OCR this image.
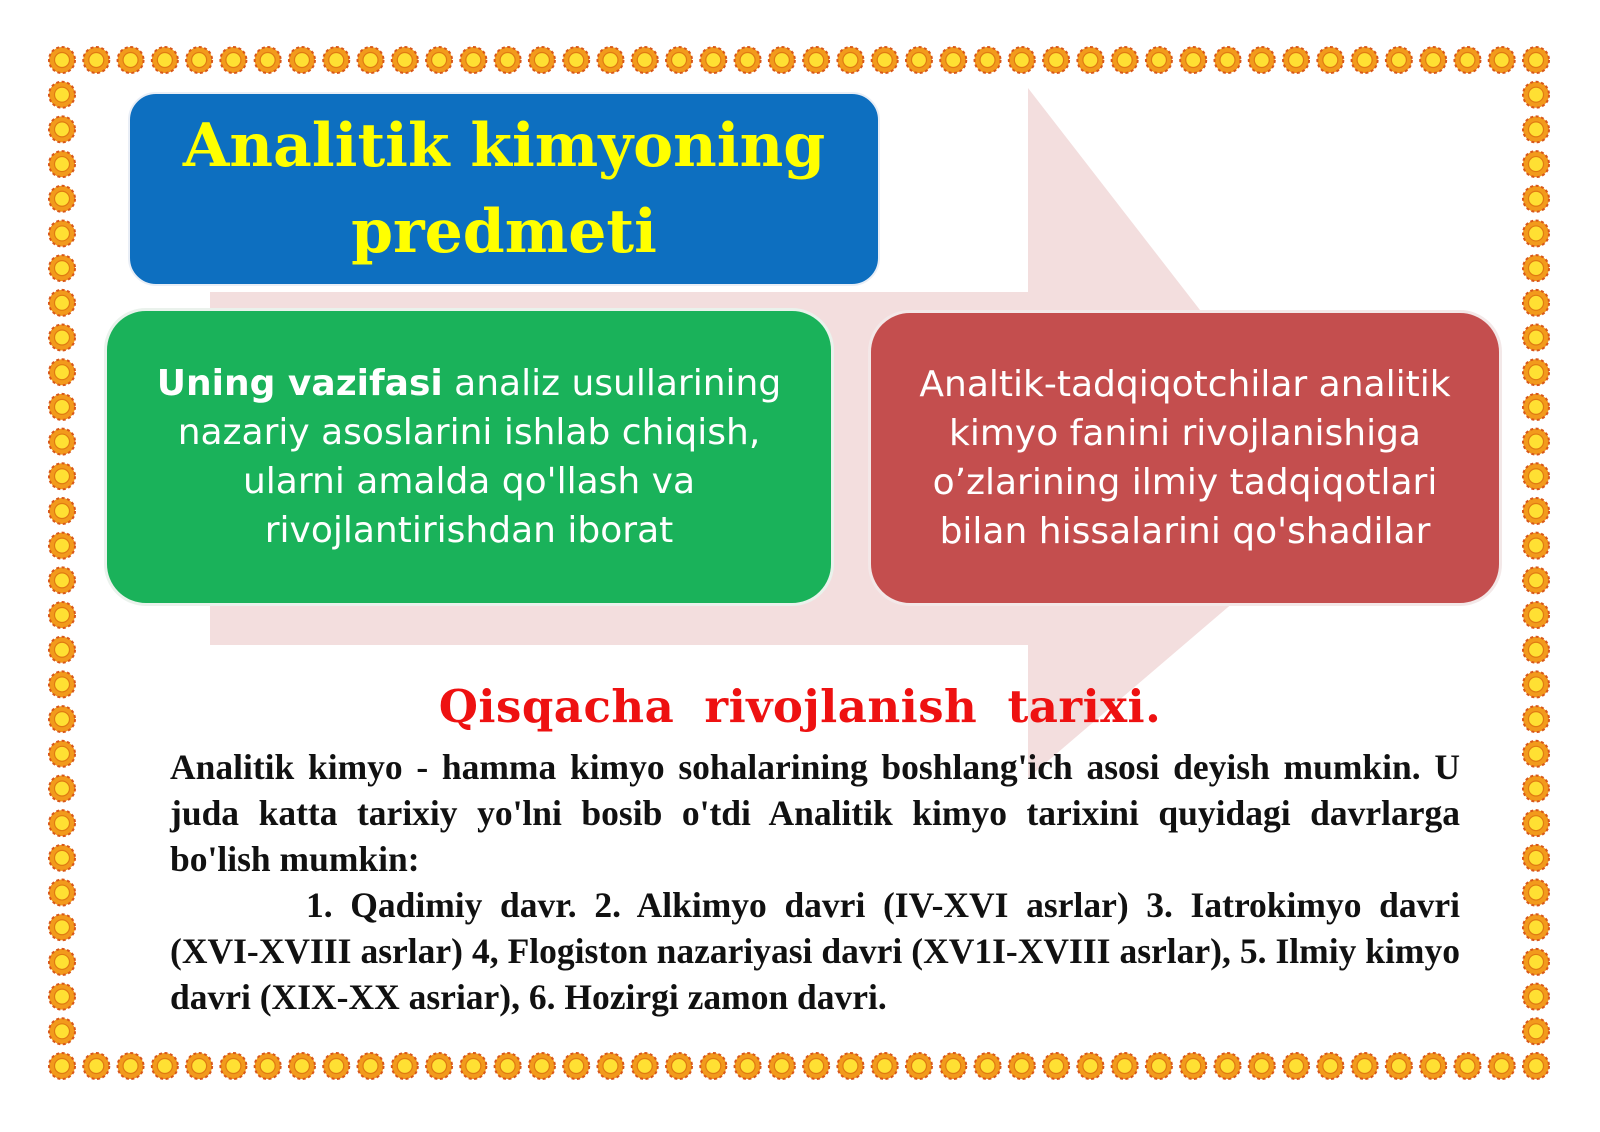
Analitik kimyoning predmeti
Uning vazifasi analiz usullarining nazariy asoslarini ishlab chiqish, ularni amalda qo'llash va rivojlantirishdan iborat
Analtik-tadqiqotchilar analitik kimyo fanini rivojlanishiga o’zlarining ilmiy tadqiqotlari bilan hissalarini qo'shadilar
Qisqacha rivojlanish tarixi.

Analitik kimyo - hamma kimyo sohalarining boshlang'ich asosi deyish mumkin. U juda katta tarixiy yo'lni bosib o'tdi Analitik kimyo tarixini quyidagi davrlarga bo'lish mumkin:

1. Qadimiy davr. 2. Alkimyo davri (IV-XVI asrlar) 3. Iatrokimyo davri (XVI-XVIII asrlar) 4, Flogiston nazariyasi davri (XV1I-XVIII asrlar), 5. Ilmiy kimyo davri (XIX-XX asriar), 6. Hozirgi zamon davri.
